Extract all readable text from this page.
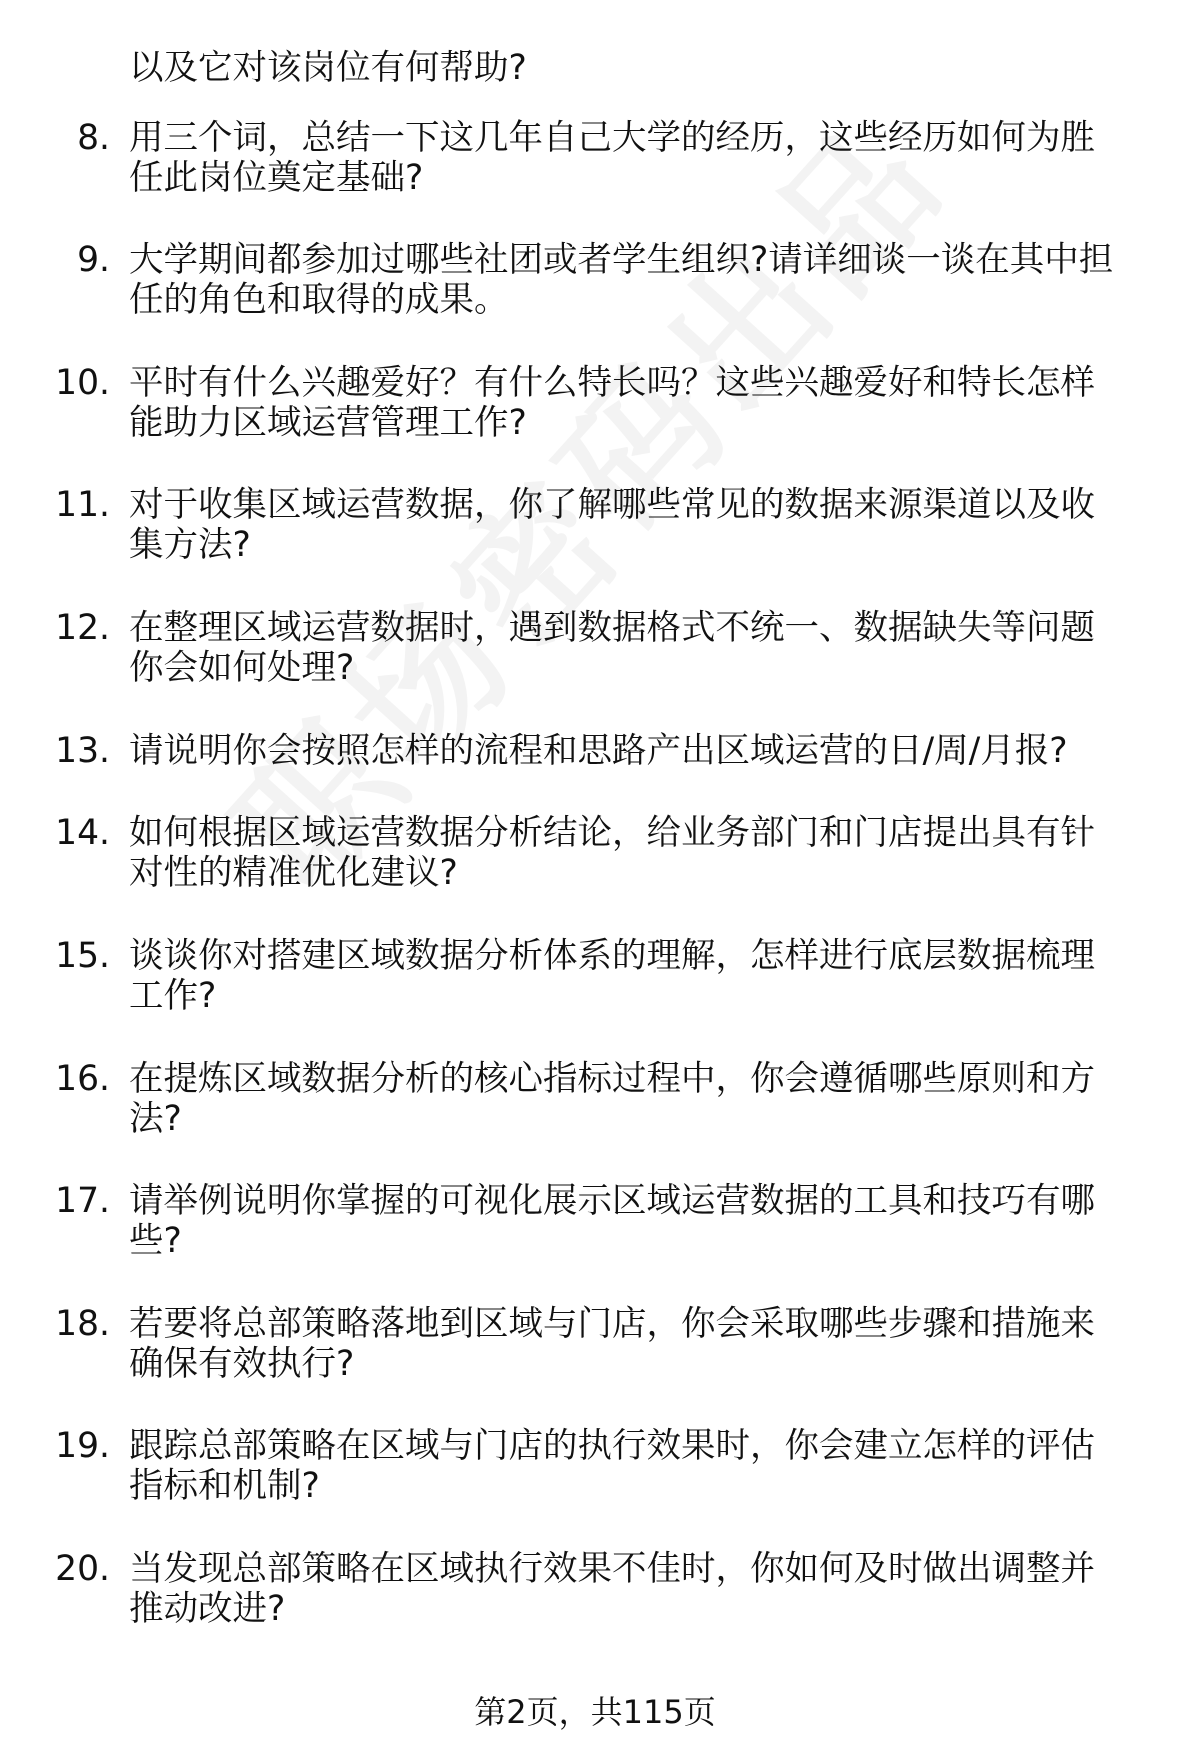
以及它对该岗位有何帮助?
8. 用三个词，总结一下这几年自己大学的经历，这些经历如何为胜
任此岗位奠定基础?
9. 大学期间都参加过哪些社团或者学生组织?请详细谈一谈在其中担
任的角色和取得的成果。
10. 平时有什么兴趣爱好？有什么特长吗？这些兴趣爱好和特长怎样
能助力区域运营管理工作?
11. 对于收集区域运营数据，你了解哪些常见的数据来源渠道以及收
集方法?
12. 在整理区域运营数据时，遇到数据格式不统一、数据缺失等问题
你会如何处理?
13. 请说明你会按照怎样的流程和思路产出区域运营的日/周/月报?
14. 如何根据区域运营数据分析结论，给业务部门和门店提出具有针
对性的精准优化建议?
15. 谈谈你对搭建区域数据分析体系的理解，怎样进行底层数据梳理
工作?
16. 在提炼区域数据分析的核心指标过程中，你会遵循哪些原则和方
法?
17. 请举例说明你掌握的可视化展示区域运营数据的工具和技巧有哪
些?
18. 若要将总部策略落地到区域与门店，你会采取哪些步骤和措施来
确保有效执行?
19. 跟踪总部策略在区域与门店的执行效果时，你会建立怎样的评估
指标和机制?
20. 当发现总部策略在区域执行效果不佳时，你如何及时做出调整并
推动改进?
第2页，共115页
